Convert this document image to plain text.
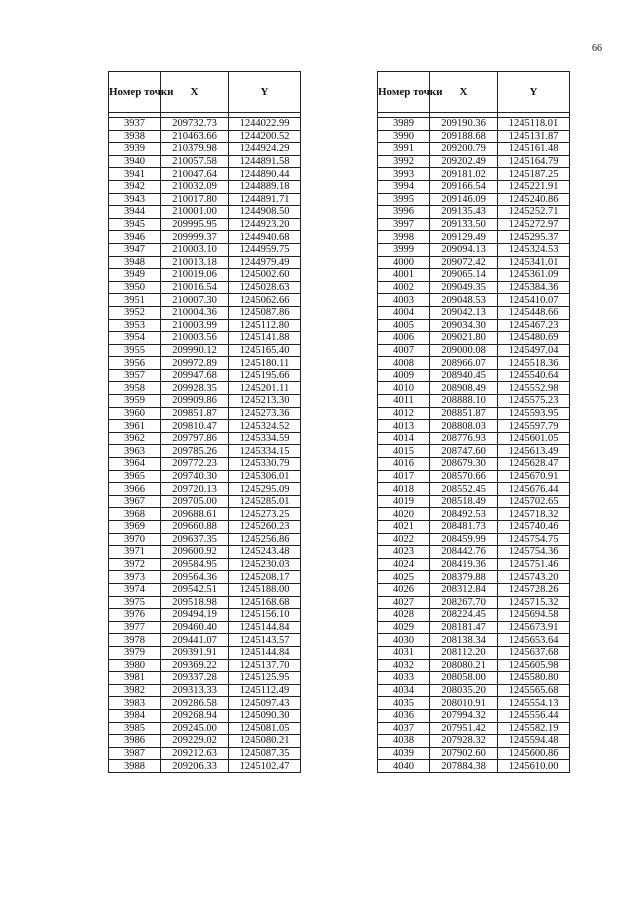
66
Номер точки	X	Y

3937	209732.73	1244022.99
3938	210463.66	1244200.52
3939	210379.98	1244924.29
3940	210057.58	1244891.58
3941	210047.64	1244890.44
3942	210032.09	1244889.18
3943	210017.80	1244891.71
3944	210001.00	1244908.50
3945	209995.95	1244923.20
3946	209999.37	1244940.68
3947	210003.10	1244959.75
3948	210013.18	1244979.49
3949	210019.06	1245002.60
3950	210016.54	1245028.63
3951	210007.30	1245062.66
3952	210004.36	1245087.86
3953	210003.99	1245112.80
3954	210003.56	1245141.88
3955	209990.12	1245165.40
3956	209972.89	1245180.11
3957	209947.68	1245195.66
3958	209928.35	1245201.11
3959	209909.86	1245213.30
3960	209851.87	1245273.36
3961	209810.47	1245324.52
3962	209797.86	1245334.59
3963	209785.26	1245334.15
3964	209772.23	1245330.79
3965	209740.30	1245306.01
3966	209720.13	1245295.09
3967	209705.00	1245285.01
3968	209688.61	1245273.25
3969	209660.88	1245260.23
3970	209637.35	1245256.86
3971	209600.92	1245243.48
3972	209584.95	1245230.03
3973	209564.36	1245208.17
3974	209542.51	1245188.00
3975	209518.98	1245168.68
3976	209494.19	1245156.10
3977	209460.40	1245144.84
3978	209441.07	1245143.57
3979	209391.91	1245144.84
3980	209369.22	1245137.70
3981	209337.28	1245125.95
3982	209313.33	1245112.49
3983	209286.58	1245097.43
3984	209268.94	1245090.30
3985	209245.00	1245081.05
3986	209229.02	1245080.21
3987	209212.63	1245087.35
3988	209206.33	1245102.47
Номер точки	X	Y

3989	209190.36	1245118.01
3990	209188.68	1245131.87
3991	209200.79	1245161.48
3992	209202.49	1245164.79
3993	209181.02	1245187.25
3994	209166.54	1245221.91
3995	209146.09	1245240.86
3996	209135.43	1245252.71
3997	209133.50	1245272.97
3998	209129.49	1245295.37
3999	209094.13	1245324.53
4000	209072.42	1245341.01
4001	209065.14	1245361.09
4002	209049.35	1245384.36
4003	209048.53	1245410.07
4004	209042.13	1245448.66
4005	209034.30	1245467.23
4006	209021.80	1245480.69
4007	209000.08	1245497.04
4008	208966.07	1245518.36
4009	208940.45	1245540.64
4010	208908.49	1245552.98
4011	208888.10	1245575.23
4012	208851.87	1245593.95
4013	208808.03	1245597.79
4014	208776.93	1245601.05
4015	208747.60	1245613.49
4016	208679.30	1245628.47
4017	208570.66	1245670.91
4018	208552.45	1245676.44
4019	208518.49	1245702.65
4020	208492.53	1245718.32
4021	208481.73	1245740.46
4022	208459.99	1245754.75
4023	208442.76	1245754.36
4024	208419.36	1245751.46
4025	208379.88	1245743.20
4026	208312.84	1245728.26
4027	208267.70	1245715.32
4028	208224.45	1245694.58
4029	208181.47	1245673.91
4030	208138.34	1245653.64
4031	208112.20	1245637.68
4032	208080.21	1245605.98
4033	208058.00	1245580.80
4034	208035.20	1245565.68
4035	208010.91	1245554.13
4036	207994.32	1245556.44
4037	207951.42	1245582.19
4038	207928.32	1245594.48
4039	207902.60	1245600.86
4040	207884.38	1245610.00
